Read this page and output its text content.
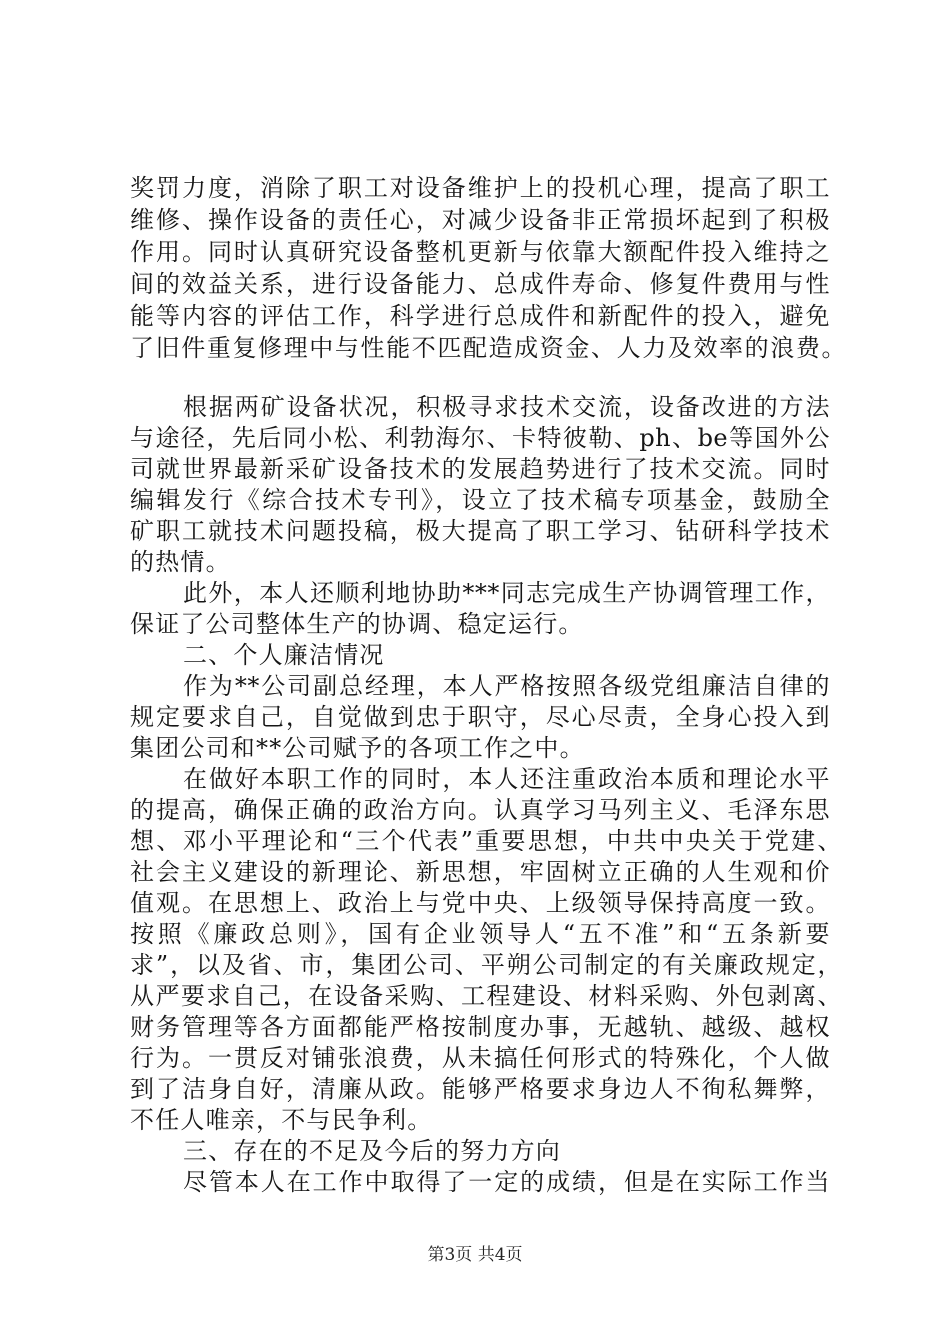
奖罚力度，消除了职工对设备维护上的投机心理，提高了职工
维修、操作设备的责任心，对减少设备非正常损坏起到了积极
作用。同时认真研究设备整机更新与依靠大额配件投入维持之
间的效益关系，进行设备能力、总成件寿命、修复件费用与性
能等内容的评估工作，科学进行总成件和新配件的投入，避免
了旧件重复修理中与性能不匹配造成资金、人力及效率的浪费。
根据两矿设备状况，积极寻求技术交流，设备改进的方法
与途径，先后同小松、利勃海尔、卡特彼勒、ph、be等国外公
司就世界最新采矿设备技术的发展趋势进行了技术交流。同时
编辑发行《综合技术专刊》，设立了技术稿专项基金，鼓励全
矿职工就技术问题投稿，极大提高了职工学习、钻研科学技术
的热情。
此外，本人还顺利地协助***同志完成生产协调管理工作，
保证了公司整体生产的协调、稳定运行。
二、个人廉洁情况
作为**公司副总经理，本人严格按照各级党组廉洁自律的
规定要求自己，自觉做到忠于职守，尽心尽责，全身心投入到
集团公司和**公司赋予的各项工作之中。
在做好本职工作的同时，本人还注重政治本质和理论水平
的提高，确保正确的政治方向。认真学习马列主义、毛泽东思
想、邓小平理论和“三个代表”重要思想，中共中央关于党建、
社会主义建设的新理论、新思想，牢固树立正确的人生观和价
值观。在思想上、政治上与党中央、上级领导保持高度一致。
按照《廉政总则》，国有企业领导人“五不准”和“五条新要
求”，以及省、市，集团公司、平朔公司制定的有关廉政规定，
从严要求自己，在设备采购、工程建设、材料采购、外包剥离、
财务管理等各方面都能严格按制度办事，无越轨、越级、越权
行为。一贯反对铺张浪费，从未搞任何形式的特殊化，个人做
到了洁身自好，清廉从政。能够严格要求身边人不徇私舞弊，
不任人唯亲，不与民争利。
三、存在的不足及今后的努力方向
尽管本人在工作中取得了一定的成绩，但是在实际工作当
第3页 共4页
